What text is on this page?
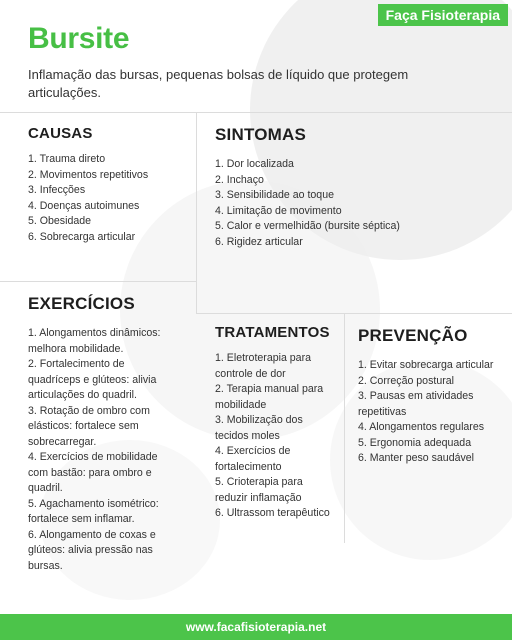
Faça Fisioterapia
Bursite
Inflamação das bursas, pequenas bolsas de líquido que protegem articulações.
CAUSAS
1. Trauma direto
2. Movimentos repetitivos
3. Infecções
4. Doenças autoimunes
5. Obesidade
6. Sobrecarga articular
SINTOMAS
1. Dor localizada
2. Inchaço
3. Sensibilidade ao toque
4. Limitação de movimento
5. Calor e vermelhidão (bursite séptica)
6. Rigidez articular
EXERCÍCIOS
1. Alongamentos dinâmicos: melhora mobilidade.
2. Fortalecimento de quadríceps e glúteos: alivia articulações do quadril.
3. Rotação de ombro com elásticos: fortalece sem sobrecarregar.
4. Exercícios de mobilidade com bastão: para ombro e quadril.
5. Agachamento isométrico: fortalece sem inflamar.
6. Alongamento de coxas e glúteos: alivia pressão nas bursas.
TRATAMENTOS
1. Eletroterapia para controle de dor
2. Terapia manual para mobilidade
3. Mobilização dos tecidos moles
4. Exercícios de fortalecimento
5. Crioterapia para reduzir inflamação
6. Ultrassom terapêutico
PREVENÇÃO
1. Evitar sobrecarga articular
2. Correção postural
3. Pausas em atividades repetitivas
4. Alongamentos regulares
5. Ergonomia adequada
6. Manter peso saudável
www.facafisioterapia.net
